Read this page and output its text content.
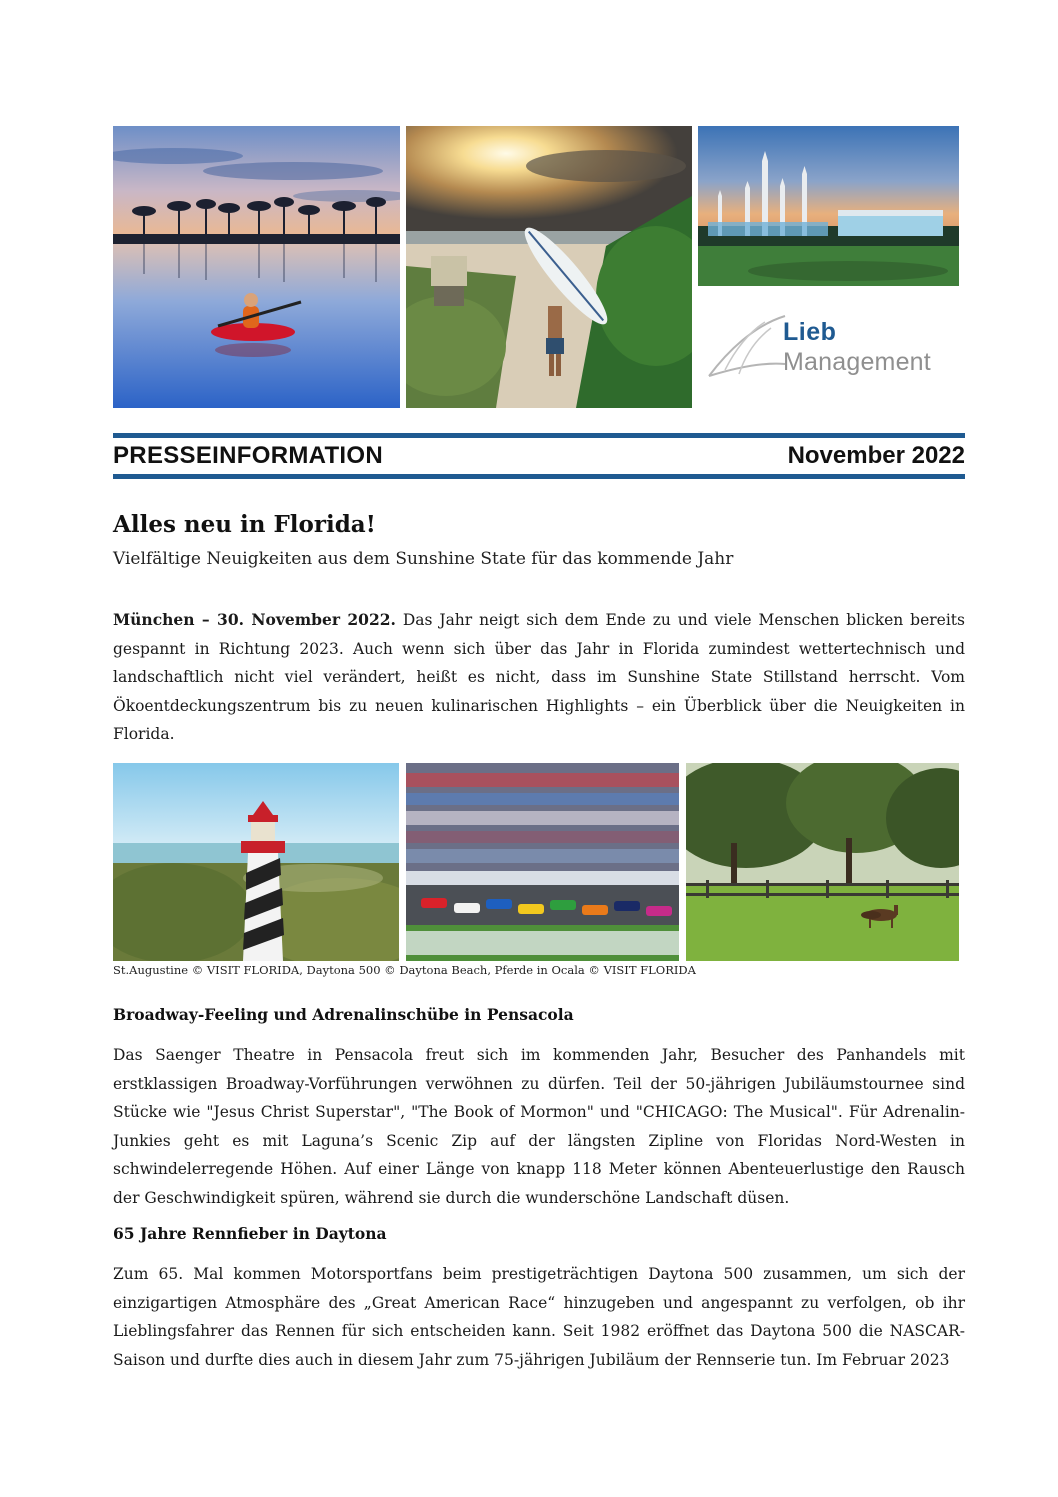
Lieb
Management
PRESSEINFORMATION	November 2022
Alles neu in Florida!
Vielfältige Neuigkeiten aus dem Sunshine State für das kommende Jahr
München – 30. November 2022. Das Jahr neigt sich dem Ende zu und viele Menschen blicken bereits gespannt in Richtung 2023. Auch wenn sich über das Jahr in Florida zumindest wettertechnisch und landschaftlich nicht viel verändert, heißt es nicht, dass im Sunshine State Stillstand herrscht. Vom Ökoentdeckungszentrum bis zu neuen kulinarischen Highlights – ein Überblick über die Neuigkeiten in Florida.
St.Augustine © VISIT FLORIDA, Daytona 500 © Daytona Beach, Pferde in Ocala © VISIT FLORIDA
Broadway-Feeling und Adrenalinschübe in Pensacola
Das Saenger Theatre in Pensacola freut sich im kommenden Jahr, Besucher des Panhandels mit erstklassigen Broadway-Vorführungen verwöhnen zu dürfen. Teil der 50-jährigen Jubiläumstournee sind Stücke wie "Jesus Christ Superstar", "The Book of Mormon" und "CHICAGO: The Musical". Für Adrenalin-Junkies geht es mit Laguna’s Scenic Zip auf der längsten Zipline von Floridas Nord-Westen in schwindelerregende Höhen. Auf einer Länge von knapp 118 Meter können Abenteuerlustige den Rausch der Geschwindigkeit spüren, während sie durch die wunderschöne Landschaft düsen.
65 Jahre Rennfieber in Daytona
Zum 65. Mal kommen Motorsportfans beim prestigeträchtigen Daytona 500 zusammen, um sich der einzigartigen Atmosphäre des „Great American Race“ hinzugeben und angespannt zu verfolgen, ob ihr Lieblingsfahrer das Rennen für sich entscheiden kann. Seit 1982 eröffnet das Daytona 500 die NASCAR-Saison und durfte dies auch in diesem Jahr zum 75-jährigen Jubiläum der Rennserie tun. Im Februar 2023
